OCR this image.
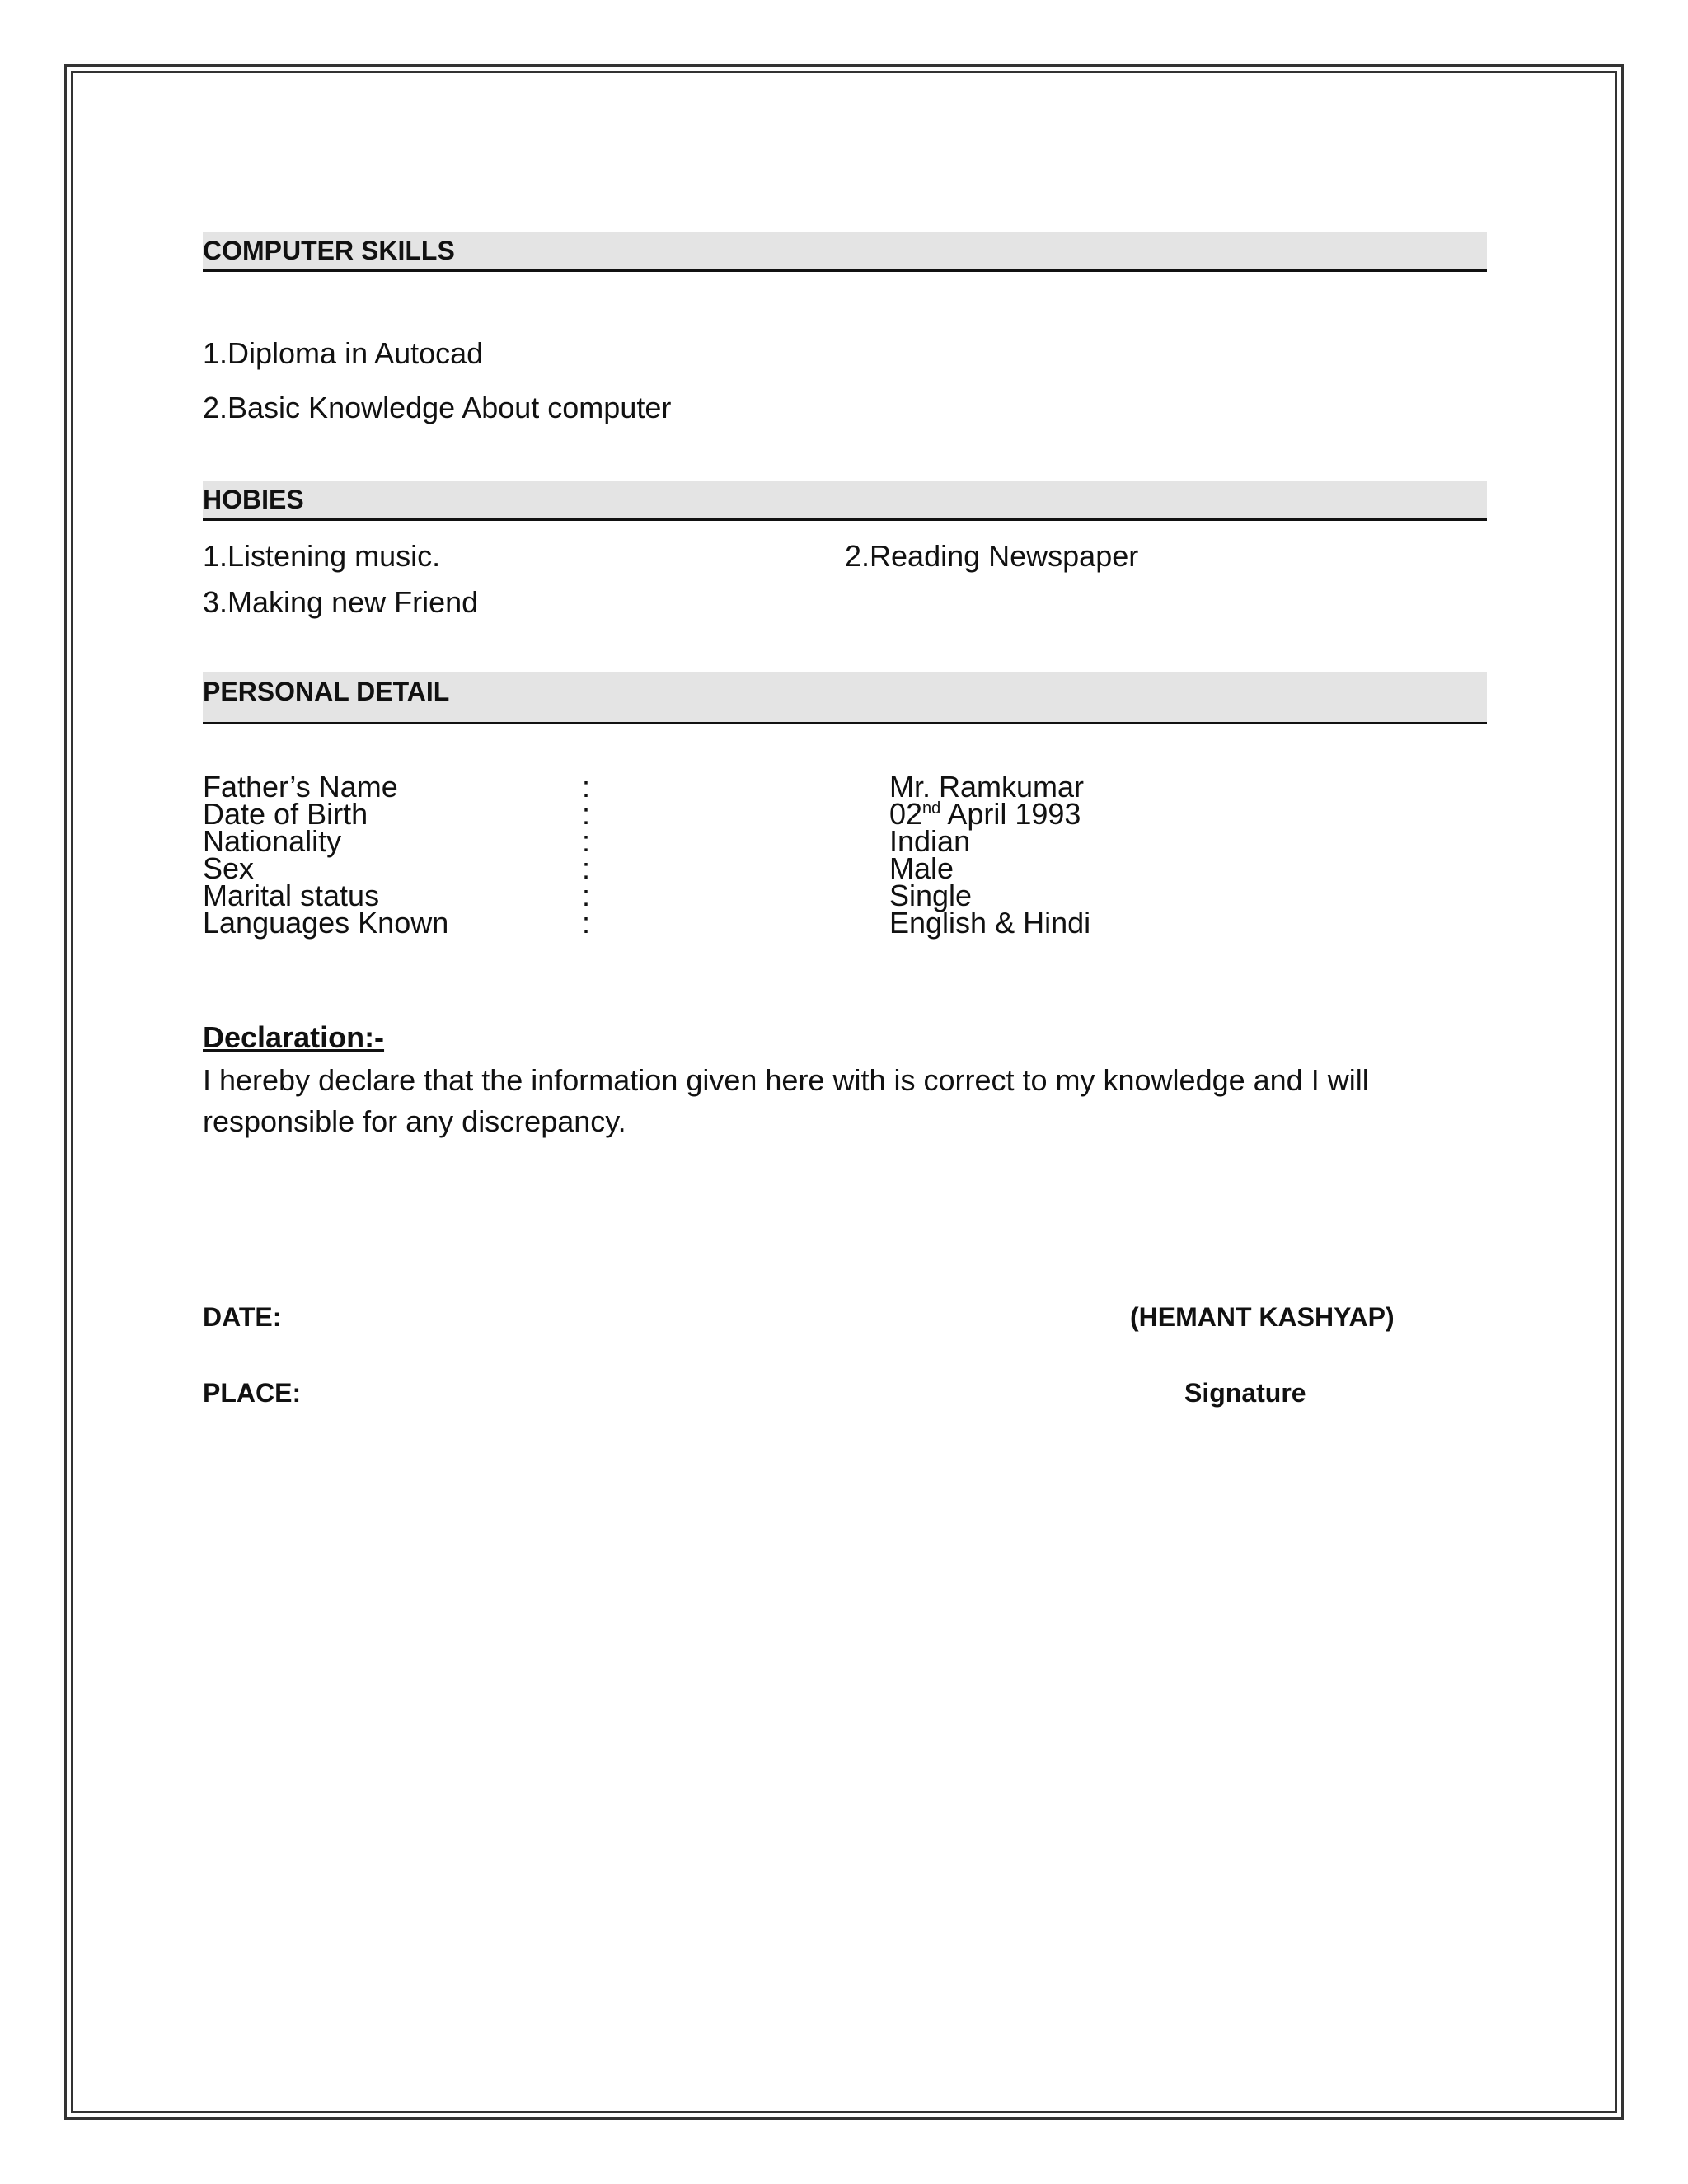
COMPUTER SKILLS
1.Diploma in Autocad
2.Basic Knowledge About computer
HOBIES
1.Listening music.	2.Reading Newspaper
3.Making new Friend
PERSONAL DETAIL
Father’s Name	:	Mr. Ramkumar
Date of Birth	:	02nd April 1993
Nationality	:	Indian
Sex	:	Male
Marital status	:	Single
Languages Known	:	English & Hindi
Declaration:-
I hereby declare that the information given here with is correct to my knowledge and I will responsible for any discrepancy.
DATE:	(HEMANT KASHYAP)
PLACE:	Signature
